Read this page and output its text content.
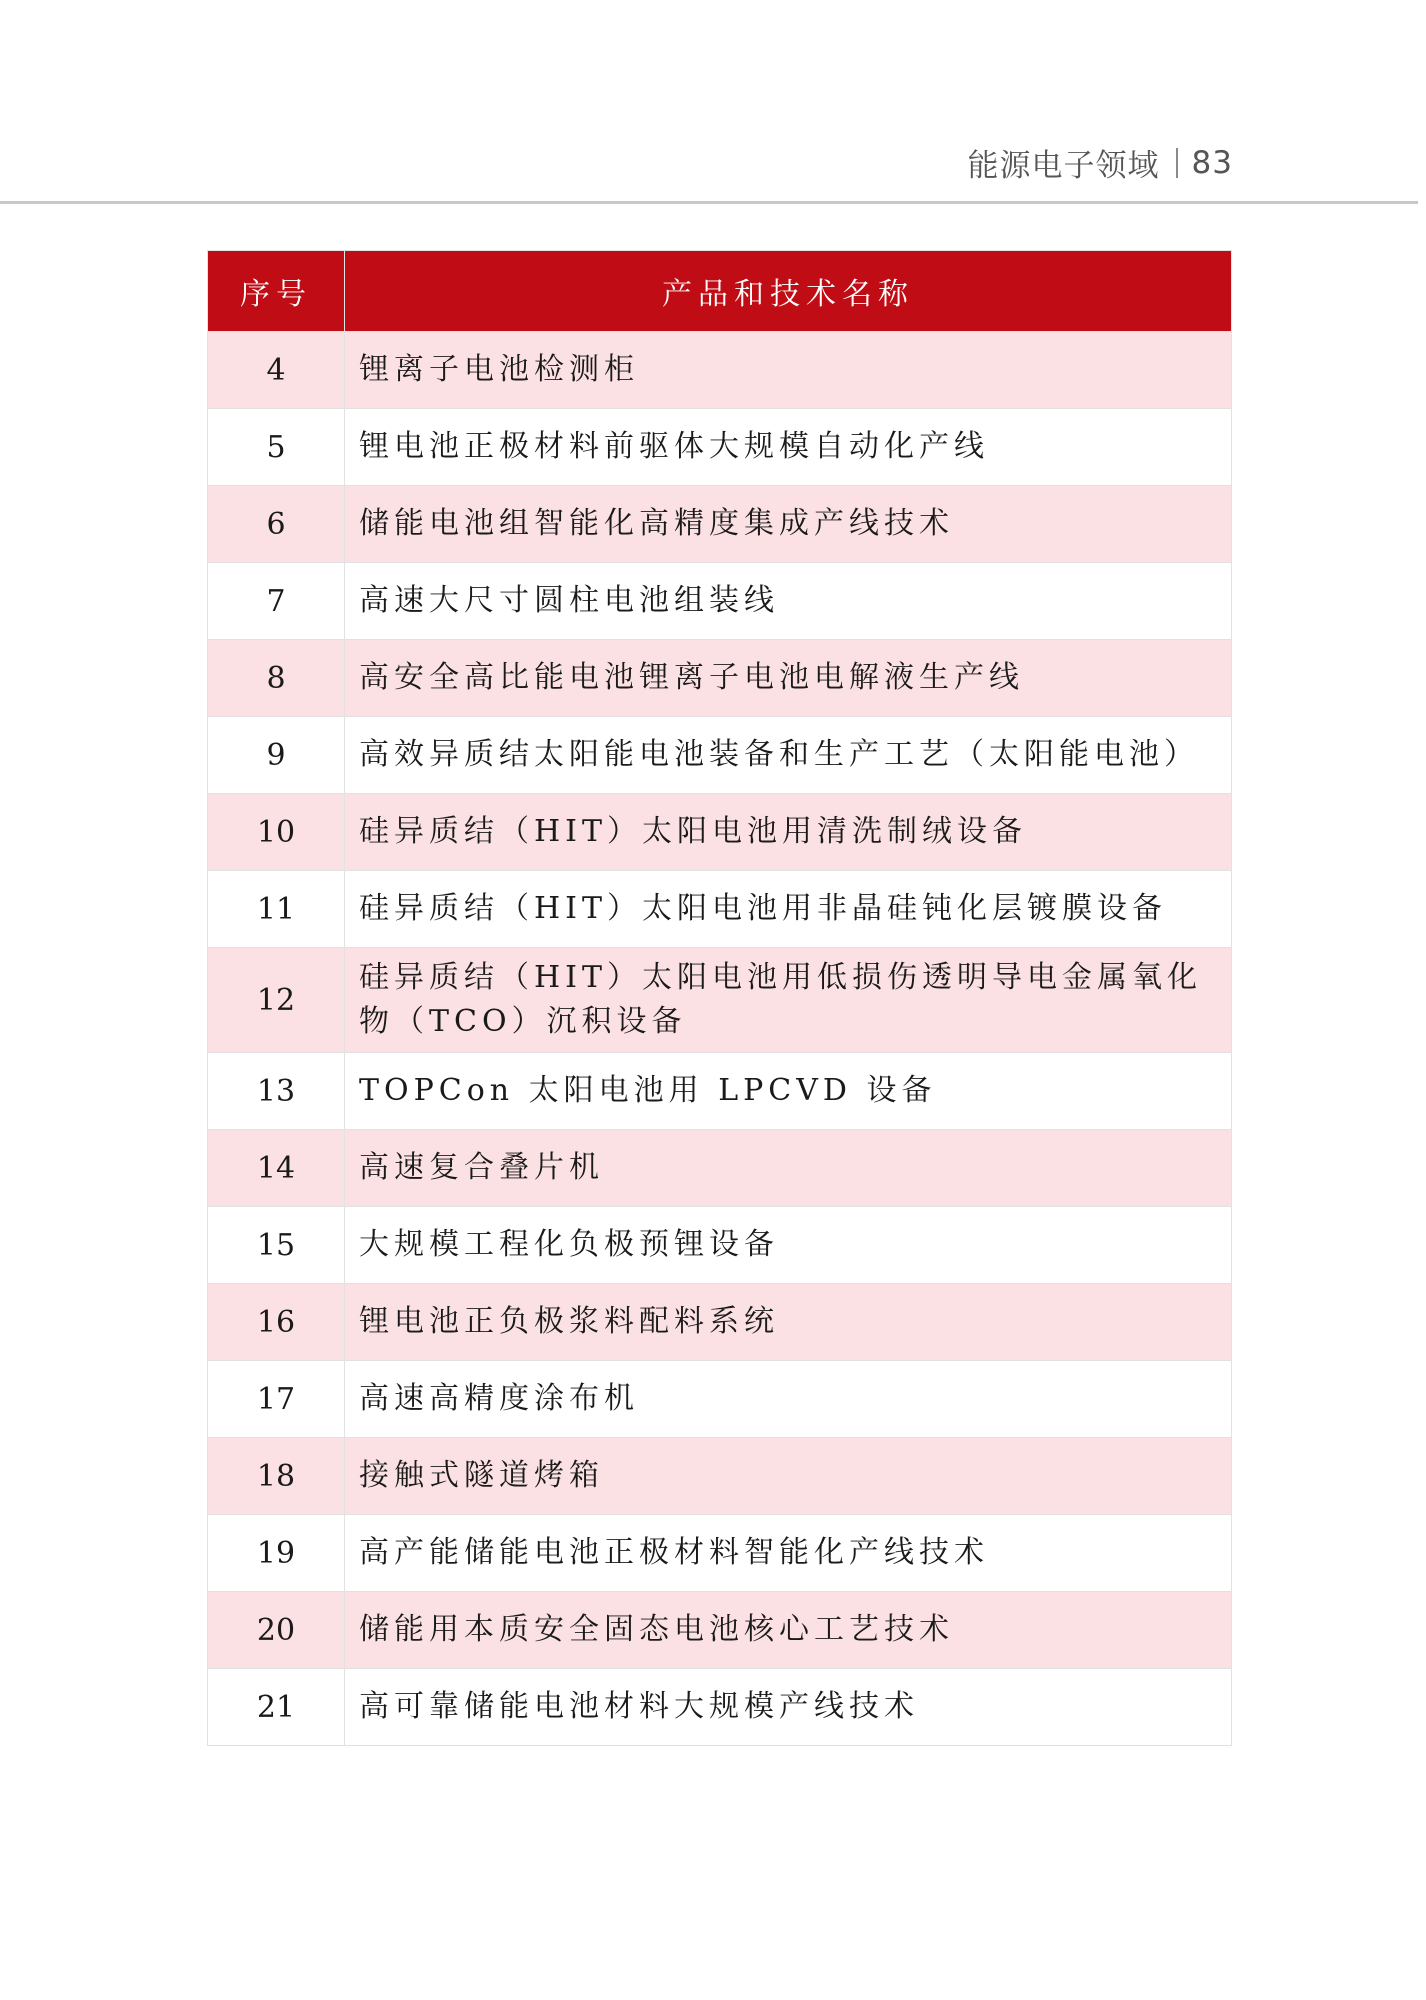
能源电子领域 83
序号	产品和技术名称
4	锂离子电池检测柜
5	锂电池正极材料前驱体大规模自动化产线
6	储能电池组智能化高精度集成产线技术
7	高速大尺寸圆柱电池组装线
8	高安全高比能电池锂离子电池电解液生产线
9	高效异质结太阳能电池装备和生产工艺（太阳能电池）
10	硅异质结（HIT）太阳电池用清洗制绒设备
11	硅异质结（HIT）太阳电池用非晶硅钝化层镀膜设备
12	硅异质结（HIT）太阳电池用低损伤透明导电金属氧化物（TCO）沉积设备
13	TOPCon 太阳电池用 LPCVD 设备
14	高速复合叠片机
15	大规模工程化负极预锂设备
16	锂电池正负极浆料配料系统
17	高速高精度涂布机
18	接触式隧道烤箱
19	高产能储能电池正极材料智能化产线技术
20	储能用本质安全固态电池核心工艺技术
21	高可靠储能电池材料大规模产线技术
